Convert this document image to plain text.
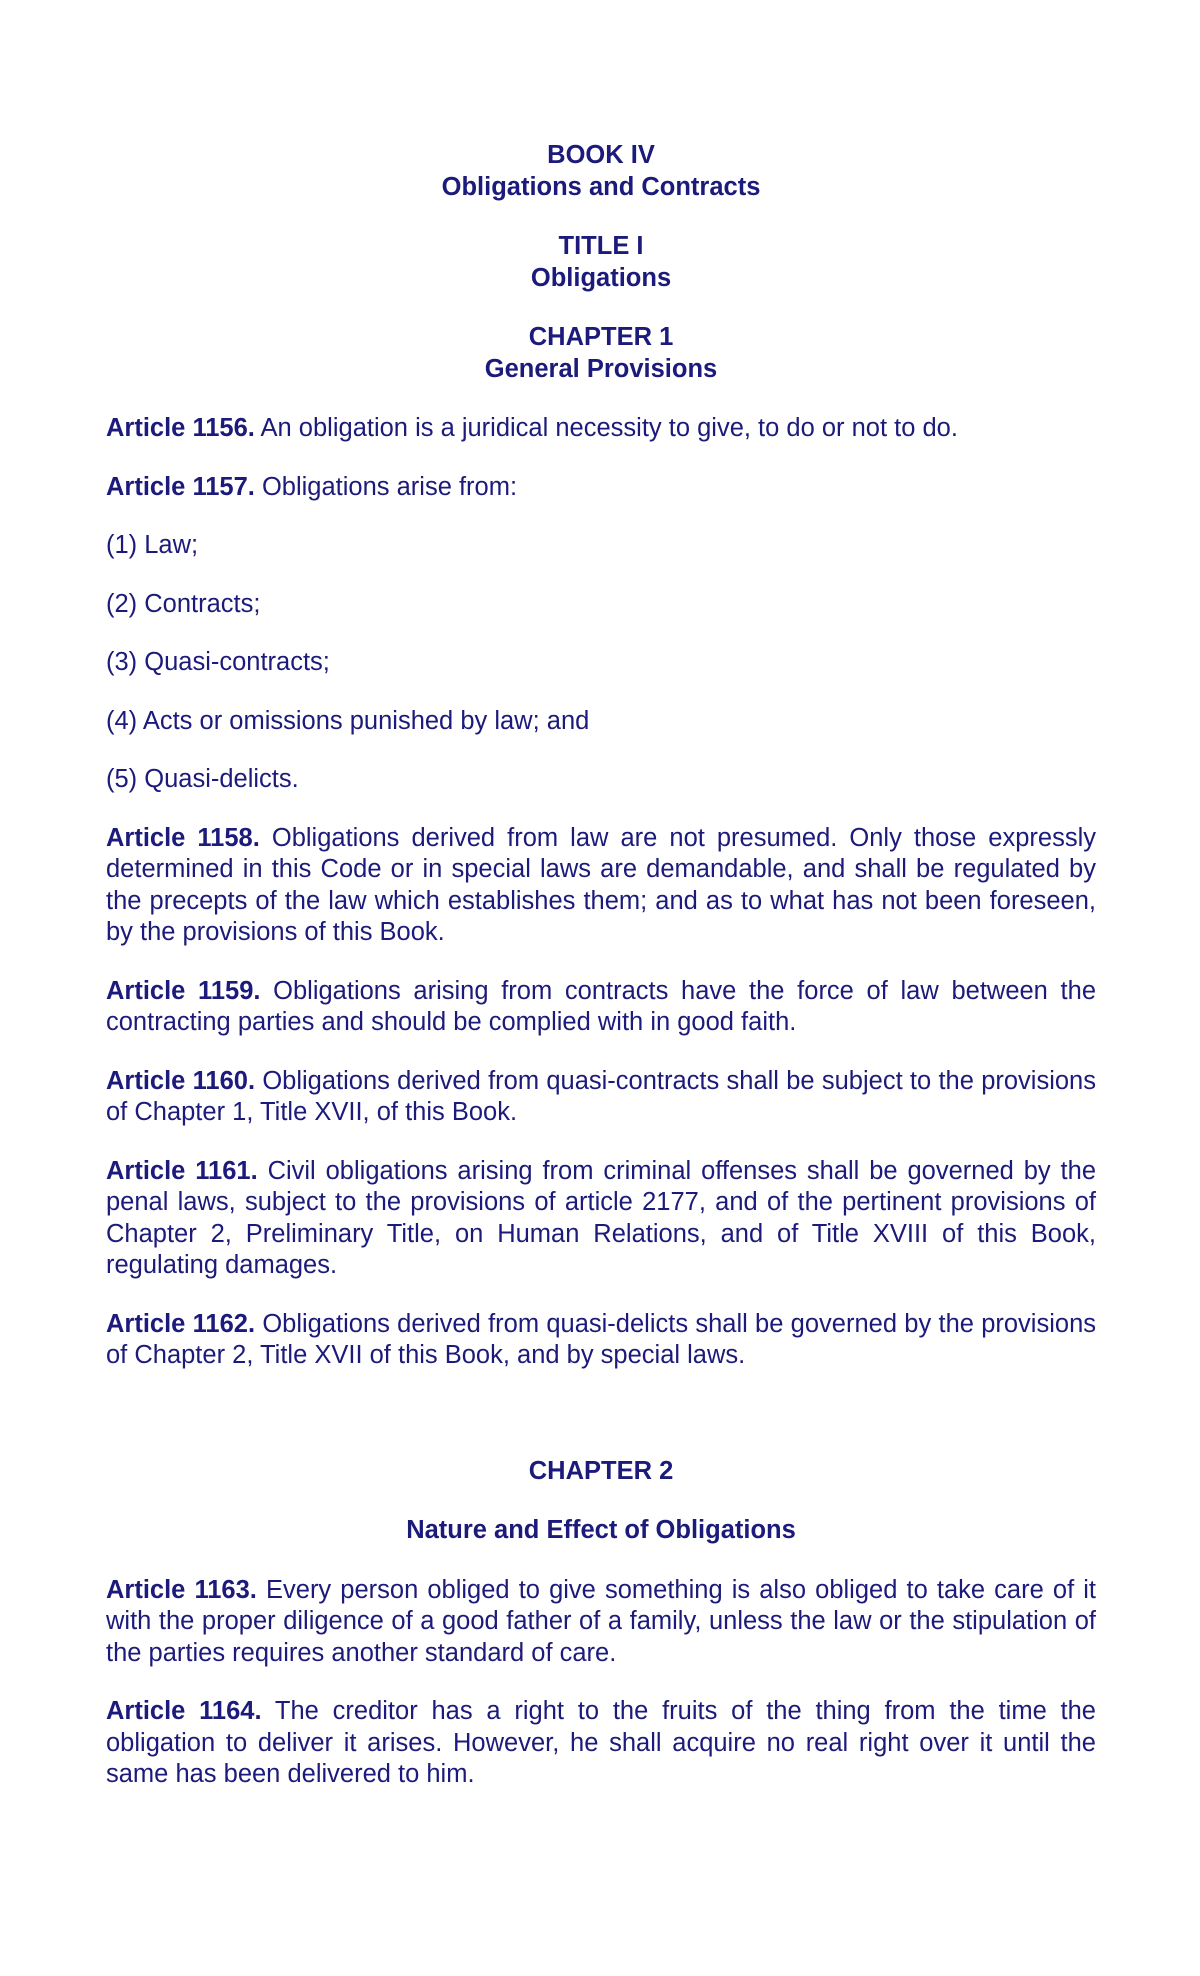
BOOK IV

Obligations and Contracts

TITLE I

Obligations

CHAPTER 1

General Provisions

Article 1156. An obligation is a juridical necessity to give, to do or not to do.

Article 1157. Obligations arise from:

(1) Law;

(2) Contracts;

(3) Quasi-contracts;

(4) Acts or omissions punished by law; and

(5) Quasi-delicts.

Article 1158. Obligations derived from law are not presumed. Only those expressly determined in this Code or in special laws are demandable, and shall be regulated by the precepts of the law which establishes them; and as to what has not been foreseen, by the provisions of this Book.

Article 1159. Obligations arising from contracts have the force of law between the contracting parties and should be complied with in good faith.

Article 1160. Obligations derived from quasi-contracts shall be subject to the provisions of Chapter 1, Title XVII, of this Book.

Article 1161. Civil obligations arising from criminal offenses shall be governed by the penal laws, subject to the provisions of article 2177, and of the pertinent provisions of Chapter 2, Preliminary Title, on Human Relations, and of Title XVIII of this Book, regulating damages.

Article 1162. Obligations derived from quasi-delicts shall be governed by the provisions of Chapter 2, Title XVII of this Book, and by special laws.

CHAPTER 2

Nature and Effect of Obligations

Article 1163. Every person obliged to give something is also obliged to take care of it with the proper diligence of a good father of a family, unless the law or the stipulation of the parties requires another standard of care.

Article 1164. The creditor has a right to the fruits of the thing from the time the obligation to deliver it arises. However, he shall acquire no real right over it until the same has been delivered to him.
